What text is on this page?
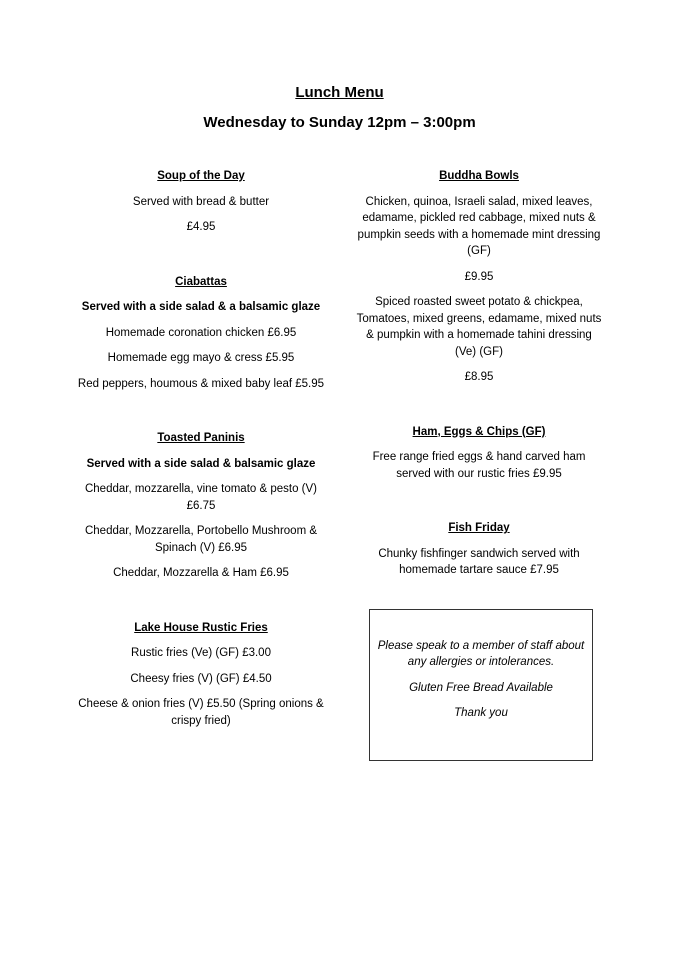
Lunch Menu
Wednesday to Sunday 12pm – 3:00pm
Soup of the Day
Served with bread & butter
£4.95
Ciabattas
Served with a side salad & a balsamic glaze
Homemade coronation chicken £6.95
Homemade egg mayo & cress £5.95
Red peppers, houmous & mixed baby leaf £5.95
Toasted Paninis
Served with a side salad & balsamic glaze
Cheddar, mozzarella, vine tomato & pesto (V) £6.75
Cheddar, Mozzarella, Portobello Mushroom & Spinach (V) £6.95
Cheddar, Mozzarella & Ham £6.95
Lake House Rustic Fries
Rustic fries (Ve) (GF) £3.00
Cheesy fries (V) (GF) £4.50
Cheese & onion fries (V) £5.50 (Spring onions & crispy fried)
Buddha Bowls
Chicken, quinoa, Israeli salad, mixed leaves, edamame, pickled red cabbage, mixed nuts & pumpkin seeds with a homemade mint dressing (GF)
£9.95
Spiced roasted sweet potato & chickpea, Tomatoes, mixed greens, edamame, mixed nuts & pumpkin with a homemade tahini dressing (Ve) (GF)
£8.95
Ham, Eggs & Chips (GF)
Free range fried eggs & hand carved ham served with our rustic fries £9.95
Fish Friday
Chunky fishfinger sandwich served with homemade tartare sauce £7.95
Please speak to a member of staff about any allergies or intolerances.
Gluten Free Bread Available
Thank you
